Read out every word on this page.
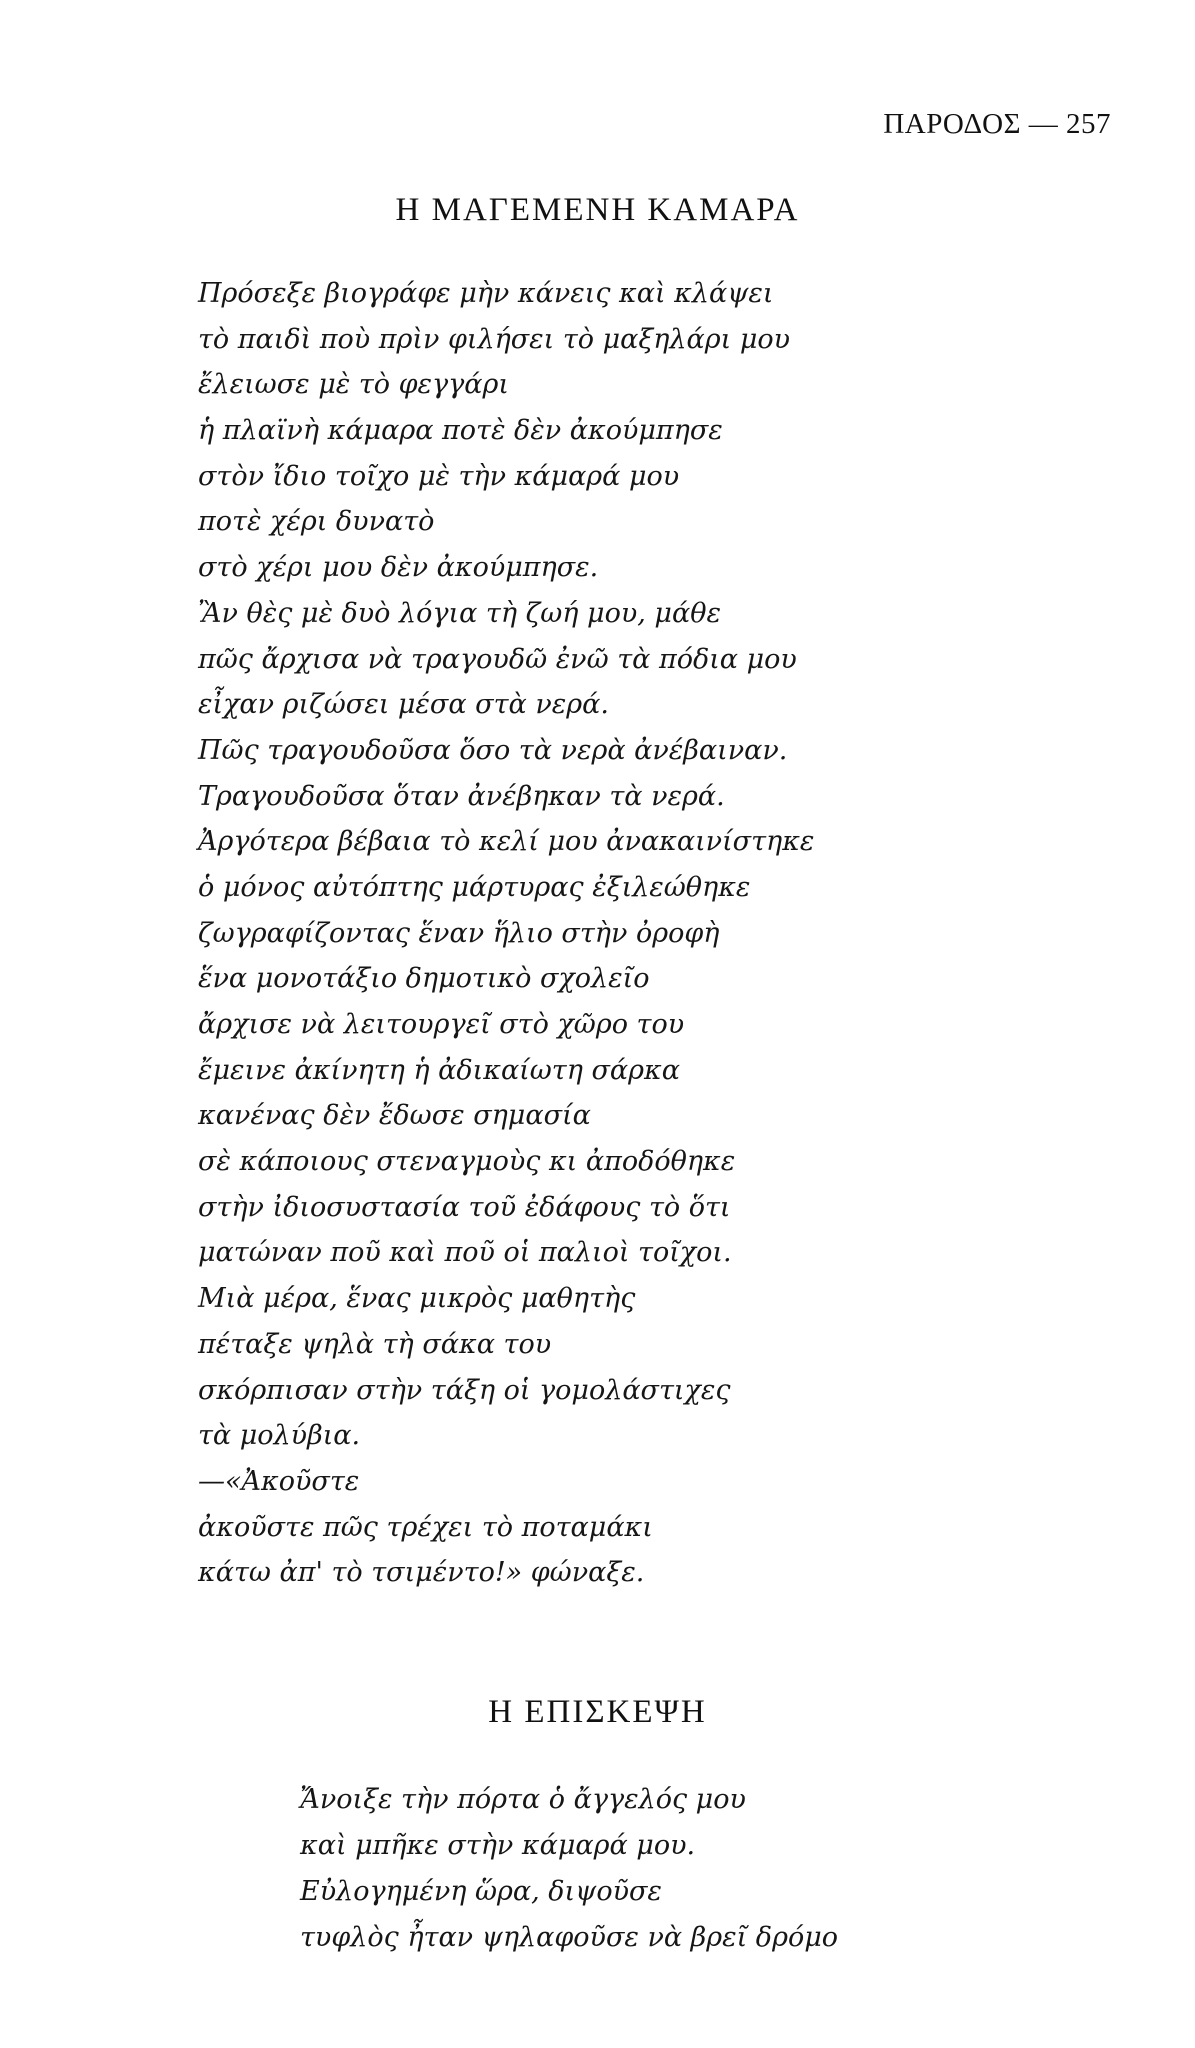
ΠΑΡΟΔΟΣ — 257
Η ΜΑΓΕΜΕΝΗ ΚΑΜΑΡΑ
Πρόσεξε βιογράφε μὴν κάνεις καὶ κλάψει
τὸ παιδὶ ποὺ πρὶν φιλήσει τὸ μαξηλάρι μου
ἔλειωσε μὲ τὸ φεγγάρι
ἡ πλαϊνὴ κάμαρα ποτὲ δὲν ἀκούμπησε
στὸν ἴδιο τοῖχο μὲ τὴν κάμαρά μου
ποτὲ χέρι δυνατὸ
στὸ χέρι μου δὲν ἀκούμπησε.
Ἂν θὲς μὲ δυὸ λόγια τὴ ζωή μου, μάθε
πῶς ἄρχισα νὰ τραγουδῶ ἐνῶ τὰ πόδια μου
εἶχαν ριζώσει μέσα στὰ νερά.
Πῶς τραγουδοῦσα ὅσο τὰ νερὰ ἀνέβαιναν.
Τραγουδοῦσα ὅταν ἀνέβηκαν τὰ νερά.
Ἀργότερα βέβαια τὸ κελί μου ἀνακαινίστηκε
ὁ μόνος αὐτόπτης μάρτυρας ἐξιλεώθηκε
ζωγραφίζοντας ἕναν ἥλιο στὴν ὀροφὴ
ἕνα μονοτάξιο δημοτικὸ σχολεῖο
ἄρχισε νὰ λειτουργεῖ στὸ χῶρο του
ἔμεινε ἀκίνητη ἡ ἀδικαίωτη σάρκα
κανένας δὲν ἔδωσε σημασία
σὲ κάποιους στεναγμοὺς κι ἀποδόθηκε
στὴν ἰδιοσυστασία τοῦ ἐδάφους τὸ ὅτι
ματώναν ποῦ καὶ ποῦ οἱ παλιοὶ τοῖχοι.
Μιὰ μέρα, ἕνας μικρὸς μαθητὴς
πέταξε ψηλὰ τὴ σάκα του
σκόρπισαν στὴν τάξη οἱ γομολάστιχες
τὰ μολύβια.
—«Ἀκοῦστε
ἀκοῦστε πῶς τρέχει τὸ ποταμάκι
κάτω ἀπ' τὸ τσιμέντο!» φώναξε.
Η ΕΠΙΣΚΕΨΗ
Ἄνοιξε τὴν πόρτα ὁ ἄγγελός μου
καὶ μπῆκε στὴν κάμαρά μου.
Εὐλογημένη ὥρα, διψοῦσε
τυφλὸς ἦταν ψηλαφοῦσε νὰ βρεῖ δρόμο
